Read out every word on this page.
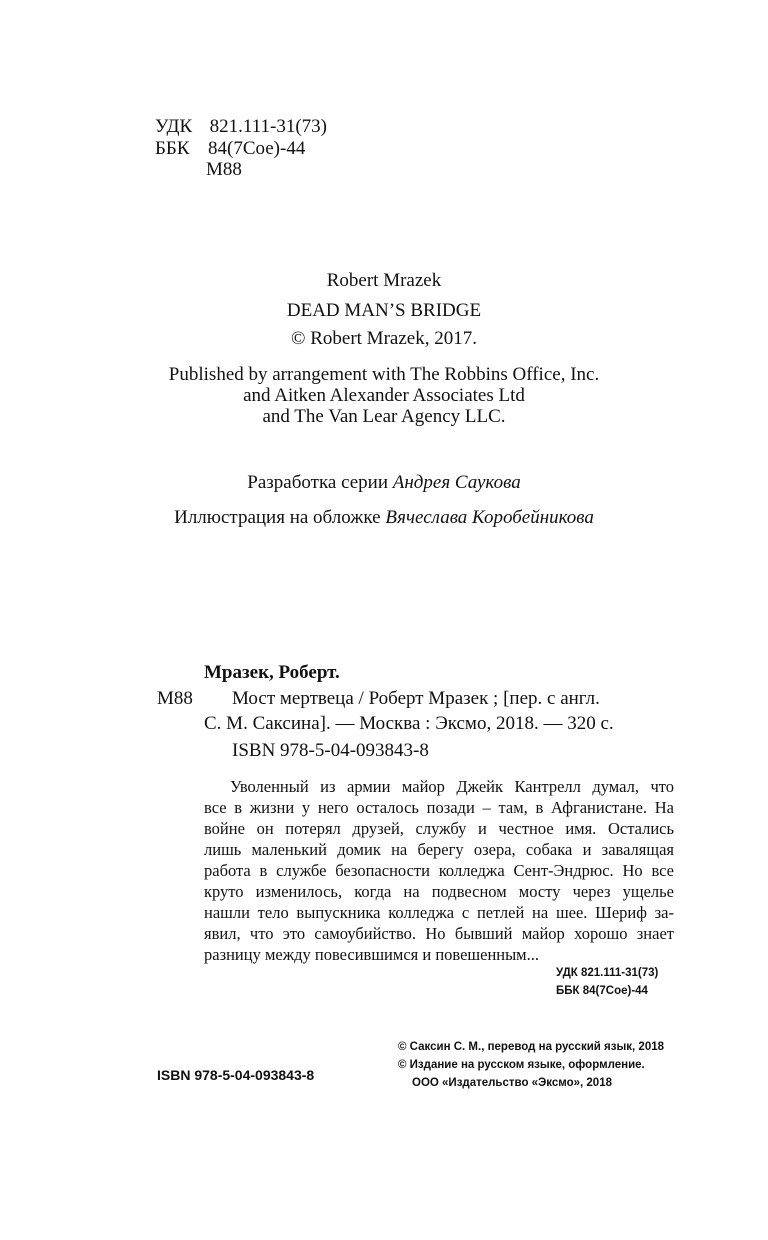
УДК 821.111-31(73)
ББК 84(7Сое)-44
М88
Robert Mrazek
DEAD MAN’S BRIDGE
© Robert Mrazek, 2017.
Published by arrangement with The Robbins Office, Inc.
and Aitken Alexander Associates Ltd
and The Van Lear Agency LLC.
Разработка серии Андрея Саукова
Иллюстрация на обложке Вячеслава Коробейникова
Мразек, Роберт.
М88 Мост мертвеца / Роберт Мразек ; [пер. с англ.
С. М. Саксина]. — Москва : Эксмо, 2018. — 320 с.
ISBN 978-5-04-093843-8
Уволенный из армии майор Джейк Кантрелл думал, что
все в жизни у него осталось позади – там, в Афганистане. На
войне он потерял друзей, службу и честное имя. Остались
лишь маленький домик на берегу озера, собака и завалящая
работа в службе безопасности колледжа Сент-Эндрюс. Но все
круто изменилось, когда на подвесном мосту через ущелье
нашли тело выпускника колледжа с петлей на шее. Шериф за-
явил, что это самоубийство. Но бывший майор хорошо знает
разницу между повесившимся и повешенным...
УДК 821.111-31(73)
ББК 84(7Сое)-44
ISBN 978-5-04-093843-8
© Саксин С. М., перевод на русский язык, 2018
© Издание на русском языке, оформление.
ООО «Издательство «Эксмо», 2018
